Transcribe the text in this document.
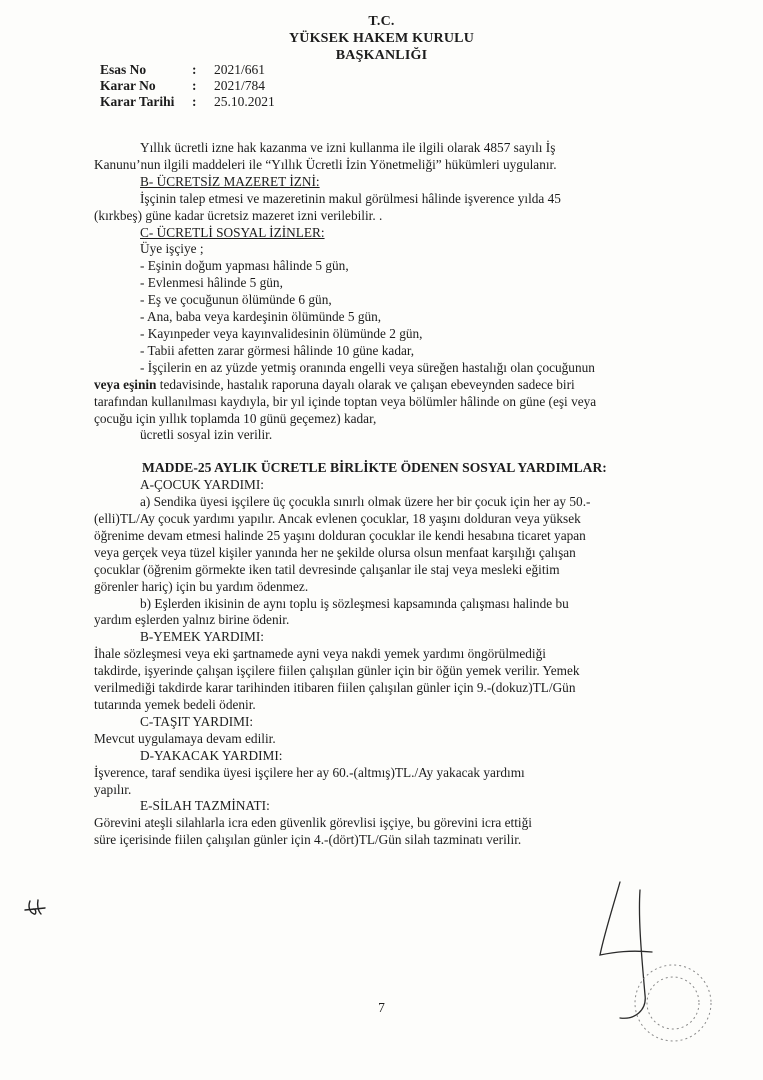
T.C.
YÜKSEK HAKEM KURULU
BAŞKANLIĞI
Esas No	:	2021/661
Karar No	:	2021/784
Karar Tarihi	:	25.10.2021
Yıllık ücretli izne hak kazanma ve izni kullanma ile ilgili olarak 4857 sayılı İş
Kanunu’nun ilgili maddeleri ile “Yıllık Ücretli İzin Yönetmeliği” hükümleri uygulanır.
B- ÜCRETSİZ MAZERET İZNİ:
İşçinin talep etmesi ve mazeretinin makul görülmesi hâlinde işverence yılda 45
(kırkbeş) güne kadar ücretsiz mazeret izni verilebilir. .
C- ÜCRETLİ SOSYAL İZİNLER:
Üye işçiye ;
- Eşinin doğum yapması hâlinde 5 gün,
- Evlenmesi hâlinde 5 gün,
- Eş ve çocuğunun ölümünde 6 gün,
- Ana, baba veya kardeşinin ölümünde 5 gün,
- Kayınpeder veya kayınvalidesinin ölümünde 2 gün,
- Tabii afetten zarar görmesi hâlinde 10 güne kadar,
- İşçilerin en az yüzde yetmiş oranında engelli veya süreğen hastalığı olan çocuğunun
veya eşinin tedavisinde, hastalık raporuna dayalı olarak ve çalışan ebeveynden sadece biri
tarafından kullanılması kaydıyla, bir yıl içinde toptan veya bölümler hâlinde on güne (eşi veya
çocuğu için yıllık toplamda 10 günü geçemez) kadar,
ücretli sosyal izin verilir.
MADDE-25 AYLIK ÜCRETLE BİRLİKTE ÖDENEN SOSYAL YARDIMLAR:
A-ÇOCUK YARDIMI:
a) Sendika üyesi işçilere üç çocukla sınırlı olmak üzere her bir çocuk için her ay 50.-
(elli)TL/Ay çocuk yardımı yapılır. Ancak evlenen çocuklar, 18 yaşını dolduran veya yüksek
öğrenime devam etmesi halinde 25 yaşını dolduran çocuklar ile kendi hesabına ticaret yapan
veya gerçek veya tüzel kişiler yanında her ne şekilde olursa olsun menfaat karşılığı çalışan
çocuklar (öğrenim görmekte iken tatil devresinde çalışanlar ile staj veya mesleki eğitim
görenler hariç) için bu yardım ödenmez.
b) Eşlerden ikisinin de aynı toplu iş sözleşmesi kapsamında çalışması halinde bu
yardım eşlerden yalnız birine ödenir.
B-YEMEK YARDIMI:
İhale sözleşmesi veya eki şartnamede ayni veya nakdi yemek yardımı öngörülmediği
takdirde, işyerinde çalışan işçilere fiilen çalışılan günler için bir öğün yemek verilir. Yemek
verilmediği takdirde karar tarihinden itibaren fiilen çalışılan günler için 9.-(dokuz)TL/Gün
tutarında yemek bedeli ödenir.
C-TAŞIT YARDIMI:
Mevcut uygulamaya devam edilir.
D-YAKACAK YARDIMI:
İşverence, taraf sendika üyesi işçilere her ay 60.-(altmış)TL./Ay yakacak yardımı
yapılır.
E-SİLAH TAZMİNATI:
Görevini ateşli silahlarla icra eden güvenlik görevlisi işçiye, bu görevini icra ettiği
süre içerisinde fiilen çalışılan günler için 4.-(dört)TL/Gün silah tazminatı verilir.
7
